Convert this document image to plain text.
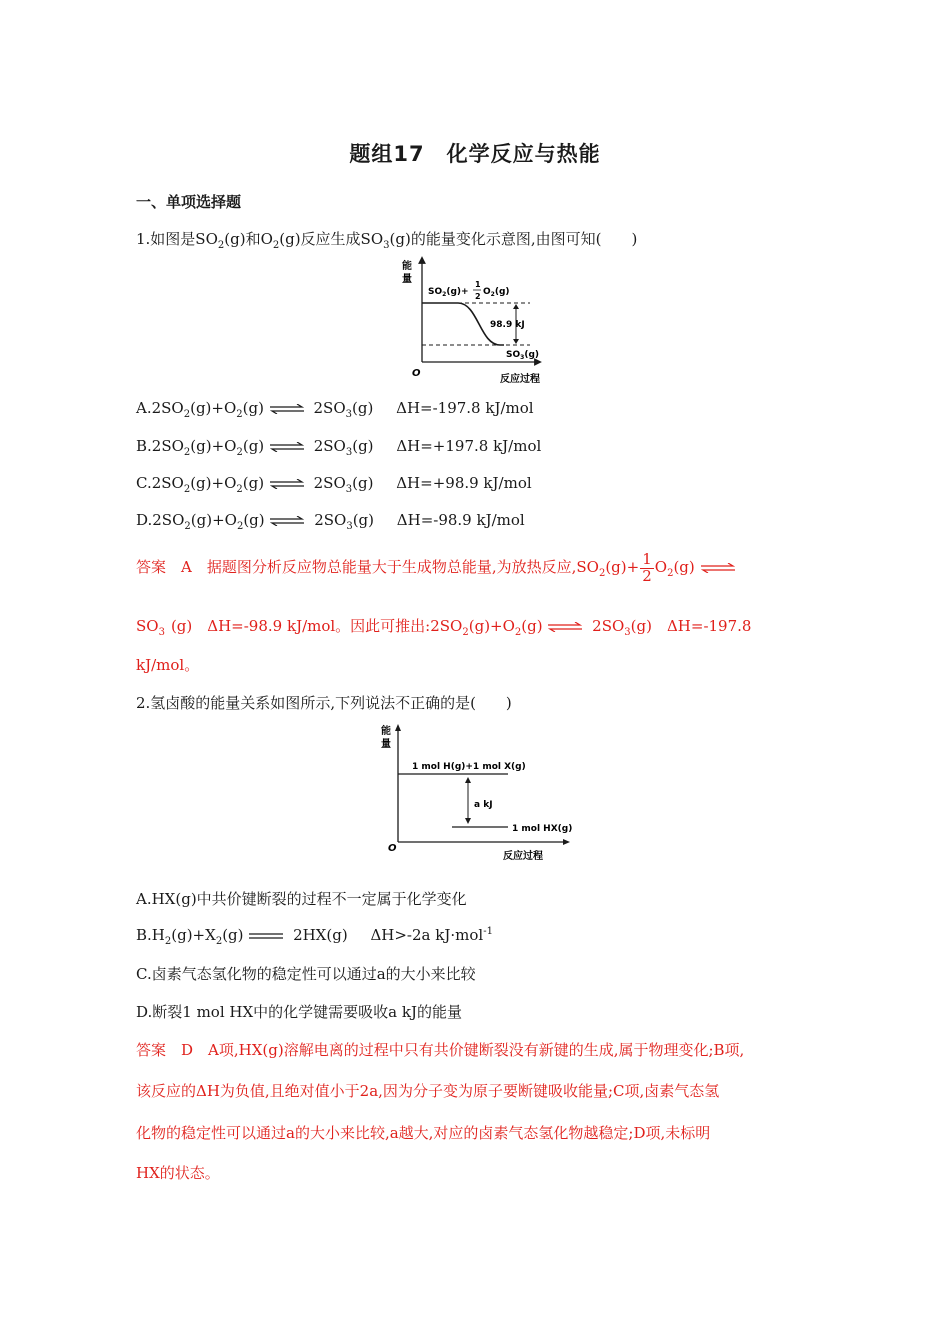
题组17　化学反应与热能
一、单项选择题
1.如图是$SO_2(g)$和$O_2(g)$反应生成$SO_3(g)$的能量变化示意图,由图可知(　　)
能
量
O
反应过程
$SO_2(g)+$
1
2 $O_2(g)$
98.9 kJ
$SO_3(g)$
$A.2SO_2(g)+O_2(g)$ ⇌ $2SO_3(g)$ ΔH=-197.8 kJ/mol
$B.2SO_2(g)+O_2(g)$ ⇌ $2SO_3(g)$ ΔH=+197.8 kJ/mol
$C.2SO_2(g)+O_2(g)$ ⇌ $2SO_3(g)$ ΔH=+98.9 kJ/mol
$D.2SO_2(g)+O_2(g)$ ⇌ $2SO_3(g)$ ΔH=-98.9 kJ/mol
答案　A　据题图分析反应物总能量大于生成物总能量,为放热反应$,SO_2(g)+ \frac{1}{2} O_2(g)$ ⇌
$SO_3$ (g)　ΔH=-98.9 kJ/mol。因此可推出$:2SO_2(g)+O_2(g)$ ⇌ $2SO_3(g)$　ΔH=-197.8
kJ/mol。
2.氢卤酸的能量关系如图所示,下列说法不正确的是(　　)
能
量
O
反应过程
1 mol H(g)+1 mol X(g)
1 mol HX(g)
a kJ
A.HX(g)中共价键断裂的过程不一定属于化学变化
$B.H_2(g)+X_2(g)$	2HX(g) ΔH>-2a kJ·mol$^{-1}$
C.卤素气态氢化物的稳定性可以通过a的大小来比较
D.断裂1 mol HX中的化学键需要吸收a kJ的能量
答案　D　A项,HX(g)溶解电离的过程中只有共价键断裂没有新键的生成,属于物理变化;B项,
该反应的ΔH为负值,且绝对值小于2a,因为分子变为原子要断键吸收能量;C项,卤素气态氢
化物的稳定性可以通过a的大小来比较,a越大,对应的卤素气态氢化物越稳定;D项,未标明
HX的状态。
